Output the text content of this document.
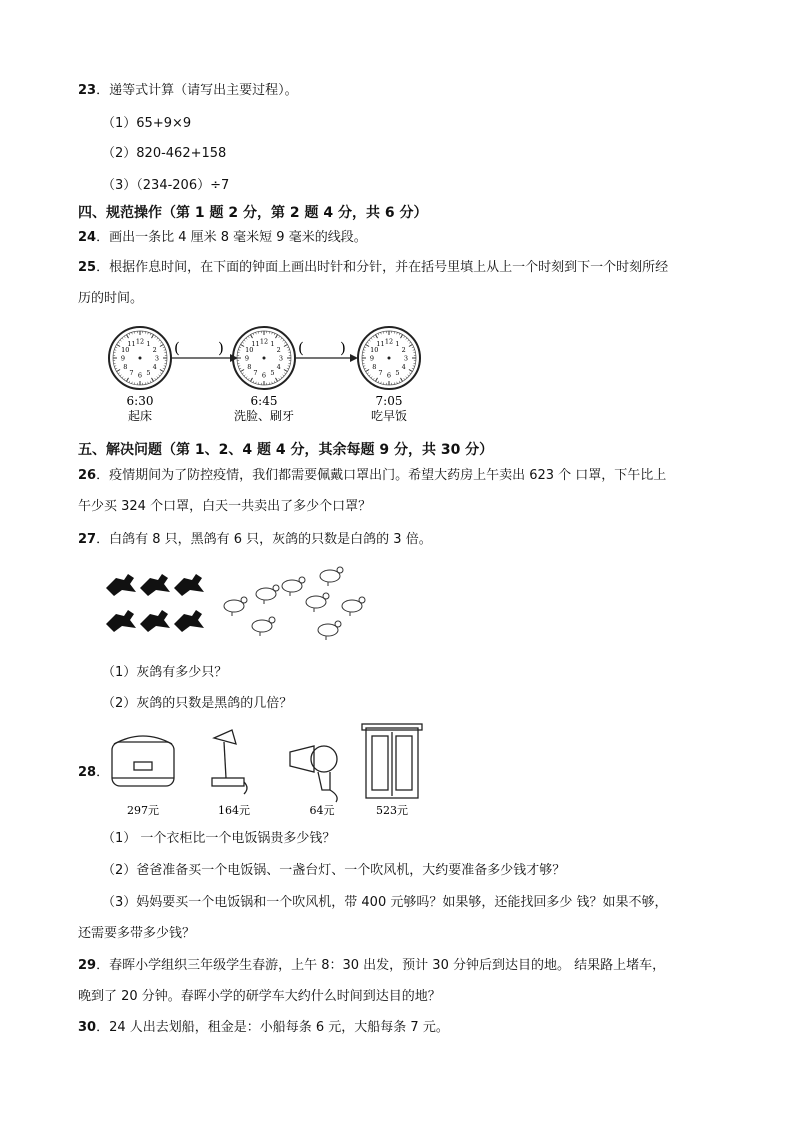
23．递等式计算（请写出主要过程）。
（1）65+9×9
（2）820-462+158
（3）（234-206）÷7
四、规范操作（第 1 题 2 分，第 2 题 4 分，共 6 分）
24．画出一条比 4 厘米 8 毫米短 9 毫米的线段。
25．根据作息时间，在下面的钟面上画出时针和分针，并在括号里填上从上一个时刻到下一个时刻所经
历的时间。
1
2
3
4
5
6
7
8
9
10
11 12	1
2
3
4
5
6
7
8
9
10
11 12	1
2
3
4
5
6
7
8
9
10
11 12
(	)	( )
6:30
起床
6:45
洗脸、刷牙
7:05
吃早饭
五、解决问题（第 1、2、4 题 4 分，其余每题 9 分，共 30 分）
26．疫情期间为了防控疫情，我们都需要佩戴口罩出门。希望大药房上午卖出 623 个 口罩，下午比上
午少买 324 个口罩，白天一共卖出了多少个口罩？
27．白鸽有 8 只，黑鸽有 6 只，灰鸽的只数是白鸽的 3 倍。
（1）灰鸽有多少只？
（2）灰鸽的只数是黑鸽的几倍？
28．
297元	164元	64元	523元
（1） 一个衣柜比一个电饭锅贵多少钱？
（2）爸爸准备买一个电饭锅、一盏台灯、一个吹风机，大约要准备多少钱才够？
（3）妈妈要买一个电饭锅和一个吹风机，带 400 元够吗？如果够，还能找回多少 钱？如果不够，
还需要多带多少钱？
29．春晖小学组织三年级学生春游，上午 8：30 出发，预计 30 分钟后到达目的地。 结果路上堵车，
晚到了 20 分钟。春晖小学的研学车大约什么时间到达目的地？
30．24 人出去划船，租金是：小船每条 6 元，大船每条 7 元。
